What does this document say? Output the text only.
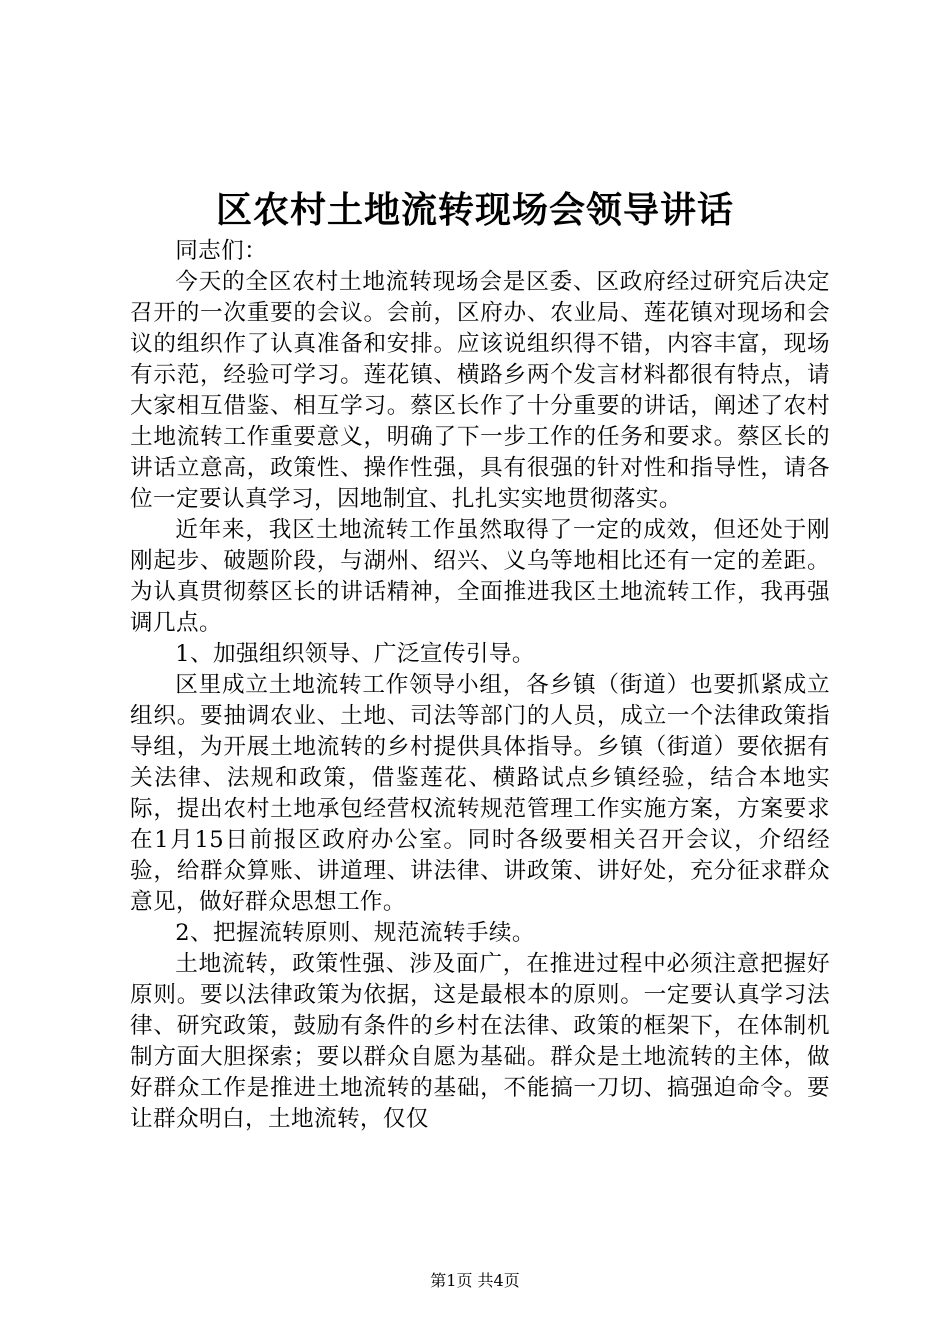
区农村土地流转现场会领导讲话

同志们：

今天的全区农村土地流转现场会是区委、区政府经过研究后决定召开的一次重要的会议。会前，区府办、农业局、莲花镇对现场和会议的组织作了认真准备和安排。应该说组织得不错，内容丰富，现场有示范，经验可学习。莲花镇、横路乡两个发言材料都很有特点，请大家相互借鉴、相互学习。蔡区长作了十分重要的讲话，阐述了农村土地流转工作重要意义，明确了下一步工作的任务和要求。蔡区长的讲话立意高，政策性、操作性强，具有很强的针对性和指导性，请各位一定要认真学习，因地制宜、扎扎实实地贯彻落实。

近年来，我区土地流转工作虽然取得了一定的成效，但还处于刚刚起步、破题阶段，与湖州、绍兴、义乌等地相比还有一定的差距。为认真贯彻蔡区长的讲话精神，全面推进我区土地流转工作，我再强调几点。

1、加强组织领导、广泛宣传引导。

区里成立土地流转工作领导小组，各乡镇（街道）也要抓紧成立组织。要抽调农业、土地、司法等部门的人员，成立一个法律政策指导组，为开展土地流转的乡村提供具体指导。乡镇（街道）要依据有关法律、法规和政策，借鉴莲花、横路试点乡镇经验，结合本地实际，提出农村土地承包经营权流转规范管理工作实施方案，方案要求在1月15日前报区政府办公室。同时各级要相关召开会议，介绍经验，给群众算账、讲道理、讲法律、讲政策、讲好处，充分征求群众意见，做好群众思想工作。

2、把握流转原则、规范流转手续。

土地流转，政策性强、涉及面广，在推进过程中必须注意把握好原则。要以法律政策为依据，这是最根本的原则。一定要认真学习法律、研究政策，鼓励有条件的乡村在法律、政策的框架下，在体制机制方面大胆探索；要以群众自愿为基础。群众是土地流转的主体，做好群众工作是推进土地流转的基础，不能搞一刀切、搞强迫命令。要让群众明白，土地流转，仅仅

第1页 共4页
